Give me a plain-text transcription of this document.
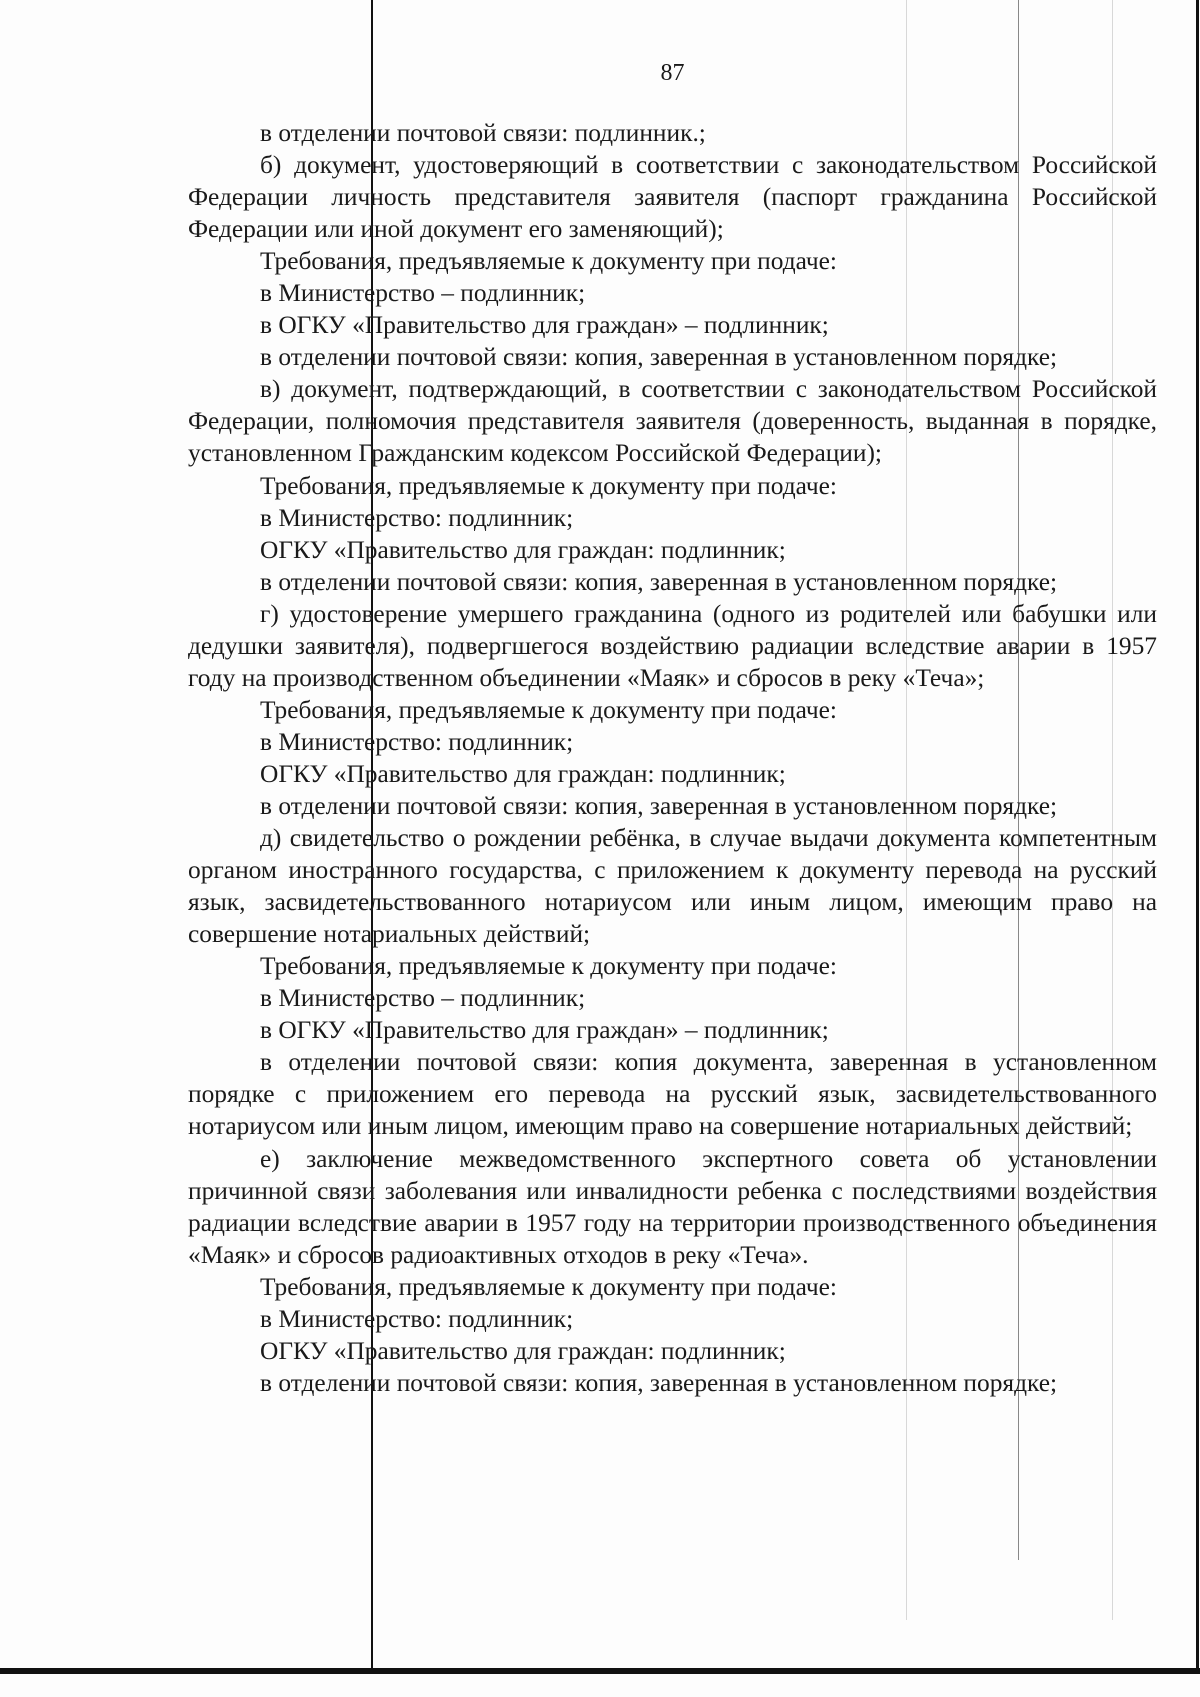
87

в отделении почтовой связи: подлинник.;

б) документ, удостоверяющий в соответствии с законодательством Российской Федерации личность представителя заявителя (паспорт гражданина Российской Федерации или иной документ его заменяющий);

Требования, предъявляемые к документу при подаче:

в Министерство – подлинник;

в ОГКУ «Правительство для граждан» – подлинник;

в отделении почтовой связи: копия, заверенная в установленном порядке;

в) документ, подтверждающий, в соответствии с законодательством Российской Федерации, полномочия представителя заявителя (доверенность, выданная в порядке, установленном Гражданским кодексом Российской Федерации);

Требования, предъявляемые к документу при подаче:

в Министерство: подлинник;

ОГКУ «Правительство для граждан: подлинник;

в отделении почтовой связи: копия, заверенная в установленном порядке;

г) удостоверение умершего гражданина (одного из родителей или бабушки или дедушки заявителя), подвергшегося воздействию радиации вследствие аварии в 1957 году на производственном объединении «Маяк» и сбросов в реку «Теча»;

Требования, предъявляемые к документу при подаче:

в Министерство: подлинник;

ОГКУ «Правительство для граждан: подлинник;

в отделении почтовой связи: копия, заверенная в установленном порядке;

д) свидетельство о рождении ребёнка, в случае выдачи документа компетентным органом иностранного государства, с приложением к документу перевода на русский язык, засвидетельствованного нотариусом или иным лицом, имеющим право на совершение нотариальных действий;

Требования, предъявляемые к документу при подаче:

в Министерство – подлинник;

в ОГКУ «Правительство для граждан» – подлинник;

в отделении почтовой связи: копия документа, заверенная в установленном порядке с приложением его перевода на русский язык, засвидетельствованного нотариусом или иным лицом, имеющим право на совершение нотариальных действий;

е) заключение межведомственного экспертного совета об установлении причинной связи заболевания или инвалидности ребенка с последствиями воздействия радиации вследствие аварии в 1957 году на территории производственного объединения «Маяк» и сбросов радиоактивных отходов в реку «Теча».

Требования, предъявляемые к документу при подаче:

в Министерство: подлинник;

ОГКУ «Правительство для граждан: подлинник;

в отделении почтовой связи: копия, заверенная в установленном порядке;
